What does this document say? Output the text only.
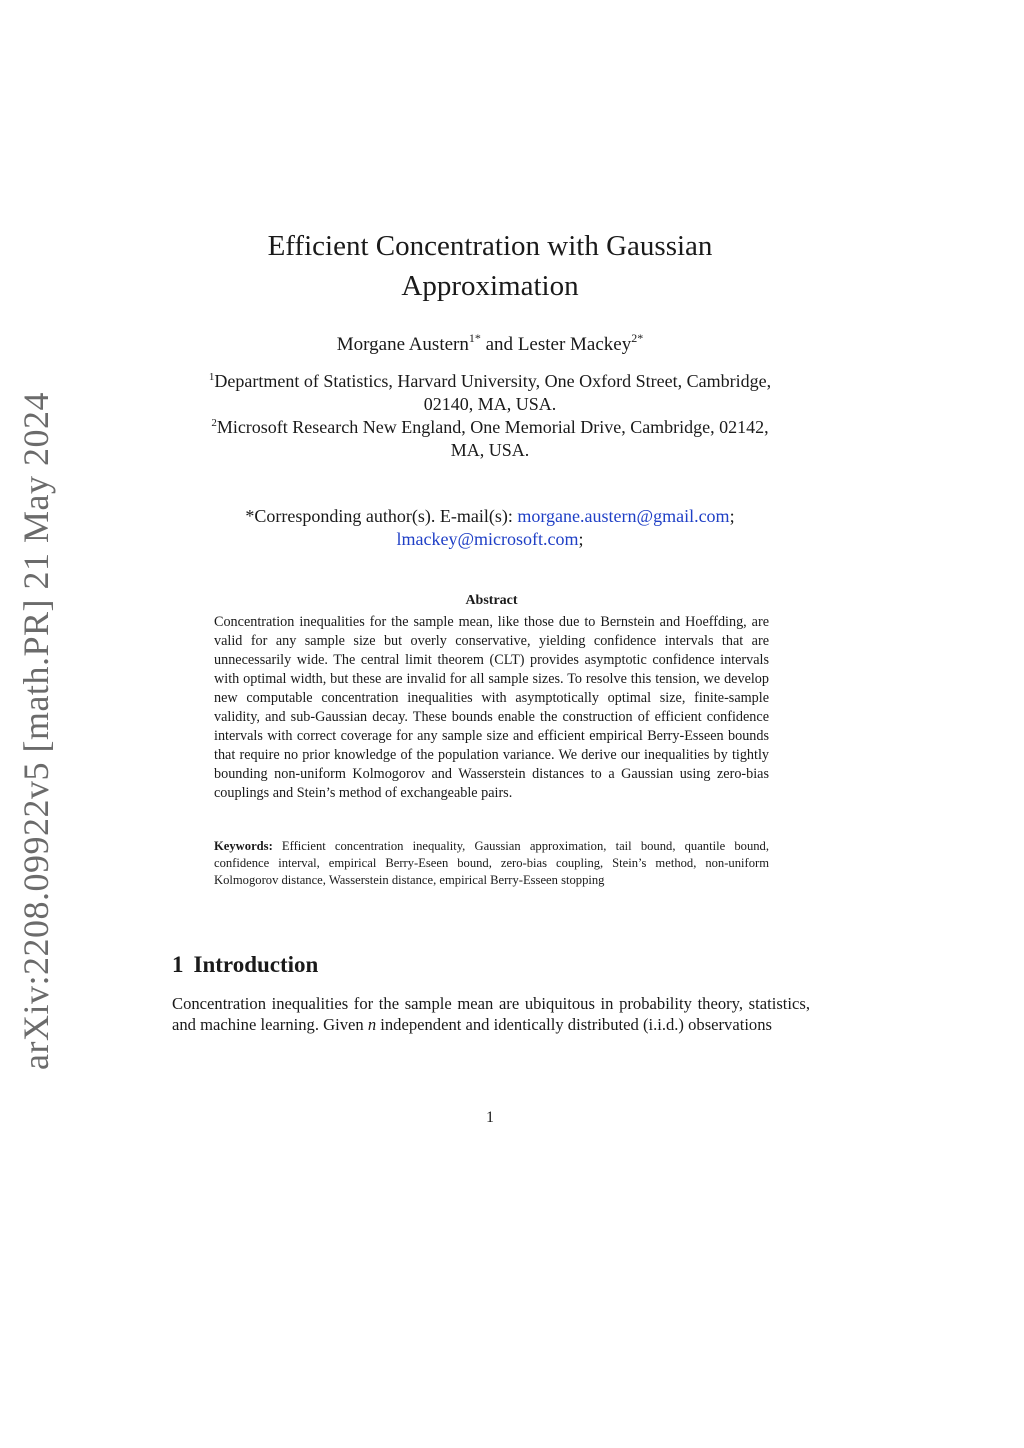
arXiv:2208.09922v5 [math.PR] 21 May 2024
Efficient Concentration with Gaussian
Approximation
Morgane Austern$^{1*}$ and Lester Mackey$^{2*}$

$^1$Department of Statistics, Harvard University, One Oxford Street, Cambridge,
02140, MA, USA.

$^2$Microsoft Research New England, One Memorial Drive, Cambridge, 02142,
MA, USA.

*Corresponding author(s). E-mail(s): morgane.austern@gmail.com;
lmackey@microsoft.com;
Abstract

Concentration inequalities for the sample mean, like those due to Bernstein and Hoeffding, are valid for any sample size but overly conservative, yielding confidence intervals that are unnecessarily wide. The central limit theorem (CLT) provides asymptotic confidence intervals with optimal width, but these are invalid for all sample sizes. To resolve this tension, we develop new computable concentration inequalities with asymptotically optimal size, finite-sample validity, and sub-Gaussian decay. These bounds enable the construction of efficient confidence intervals with correct coverage for any sample size and efficient empirical Berry-Esseen bounds that require no prior knowledge of the population variance. We derive our inequalities by tightly bounding non-uniform Kolmogorov and Wasserstein distances to a Gaussian using zero-bias couplings and Stein’s method of exchangeable pairs.

Keywords: Efficient concentration inequality, Gaussian approximation, tail bound, quantile bound, confidence interval, empirical Berry-Eseen bound, zero-bias coupling, Stein’s method, non-uniform Kolmogorov distance, Wasserstein distance, empirical Berry-Esseen stopping

1 Introduction

Concentration inequalities for the sample mean are ubiquitous in probability theory, statistics, and machine learning. Given n independent and identically distributed (i.i.d.) observations

1
